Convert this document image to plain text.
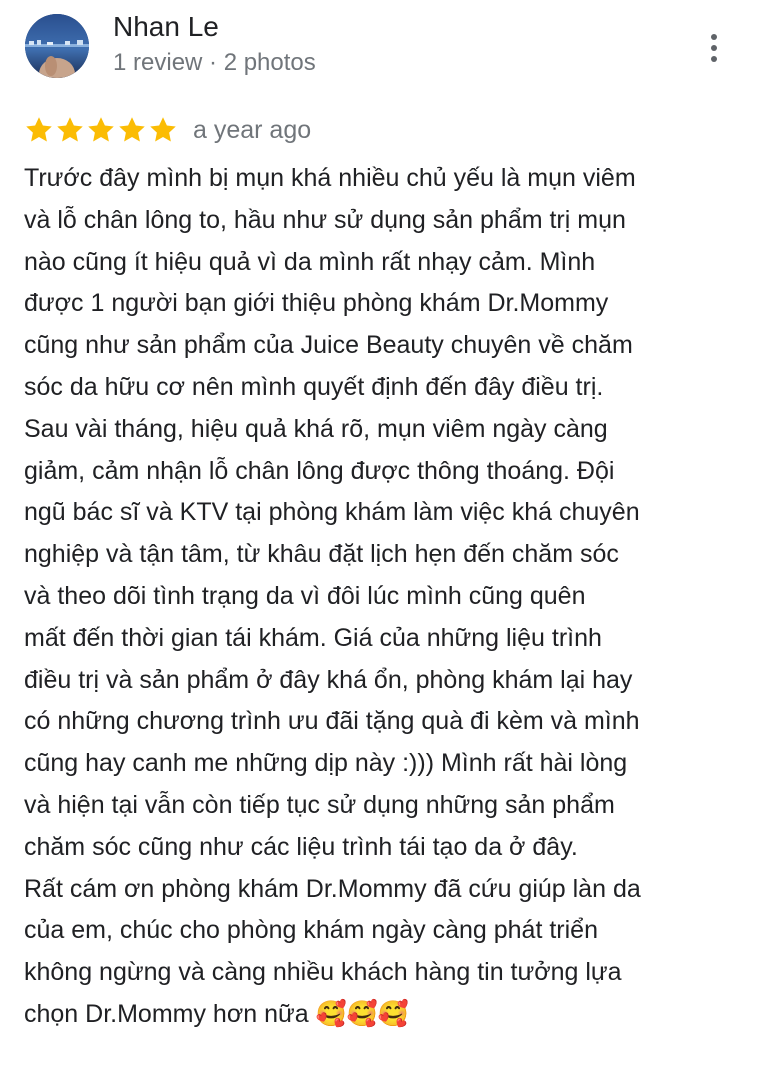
Nhan Le
1 review · 2 photos
a year ago
Trước đây mình bị mụn khá nhiều chủ yếu là mụn viêm
và lỗ chân lông to, hầu như sử dụng sản phẩm trị mụn
nào cũng ít hiệu quả vì da mình rất nhạy cảm. Mình
được 1 người bạn giới thiệu phòng khám Dr.Mommy
cũng như sản phẩm của Juice Beauty chuyên về chăm
sóc da hữu cơ nên mình quyết định đến đây điều trị.
Sau vài tháng, hiệu quả khá rõ, mụn viêm ngày càng
giảm, cảm nhận lỗ chân lông được thông thoáng. Đội
ngũ bác sĩ và KTV tại phòng khám làm việc khá chuyên
nghiệp và tận tâm, từ khâu đặt lịch hẹn đến chăm sóc
và theo dõi tình trạng da vì đôi lúc mình cũng quên
mất đến thời gian tái khám. Giá của những liệu trình
điều trị và sản phẩm ở đây khá ổn, phòng khám lại hay
có những chương trình ưu đãi tặng quà đi kèm và mình
cũng hay canh me những dịp này :))) Mình rất hài lòng
và hiện tại vẫn còn tiếp tục sử dụng những sản phẩm
chăm sóc cũng như các liệu trình tái tạo da ở đây.
Rất cám ơn phòng khám Dr.Mommy đã cứu giúp làn da
của em, chúc cho phòng khám ngày càng phát triển
không ngừng và càng nhiều khách hàng tin tưởng lựa
chọn Dr.Mommy hơn nữa 🥰🥰🥰
